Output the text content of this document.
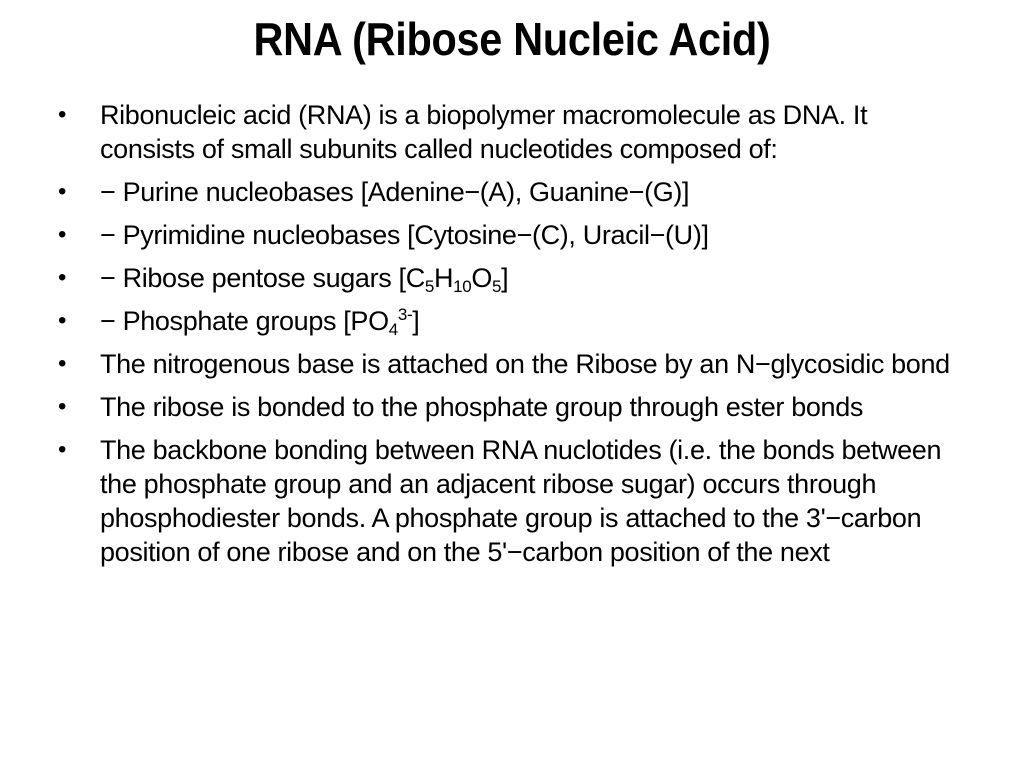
RNA (Ribose Nucleic Acid)
•	Ribonucleic acid (RNA) is a biopolymer macromolecule as DNA. It consists of small subunits called nucleotides composed of:
•	− Purine nucleobases [Adenine−(A), Guanine−(G)]
•	− Pyrimidine nucleobases [Cytosine−(C), Uracil−(U)]
•	− Ribose pentose sugars $[C_5H_{10}O_5]$
•	− Phosphate groups $[PO_4^{3-}]$
•	The nitrogenous base is attached on the Ribose by an N−glycosidic bond
•	The ribose is bonded to the phosphate group through ester bonds
•	The backbone bonding between RNA nuclotides (i.e. the bonds between the phosphate group and an adjacent ribose sugar) occurs through phosphodiester bonds. A phosphate group is attached to the 3'−carbon position of one ribose and on the 5'−carbon position of the next
